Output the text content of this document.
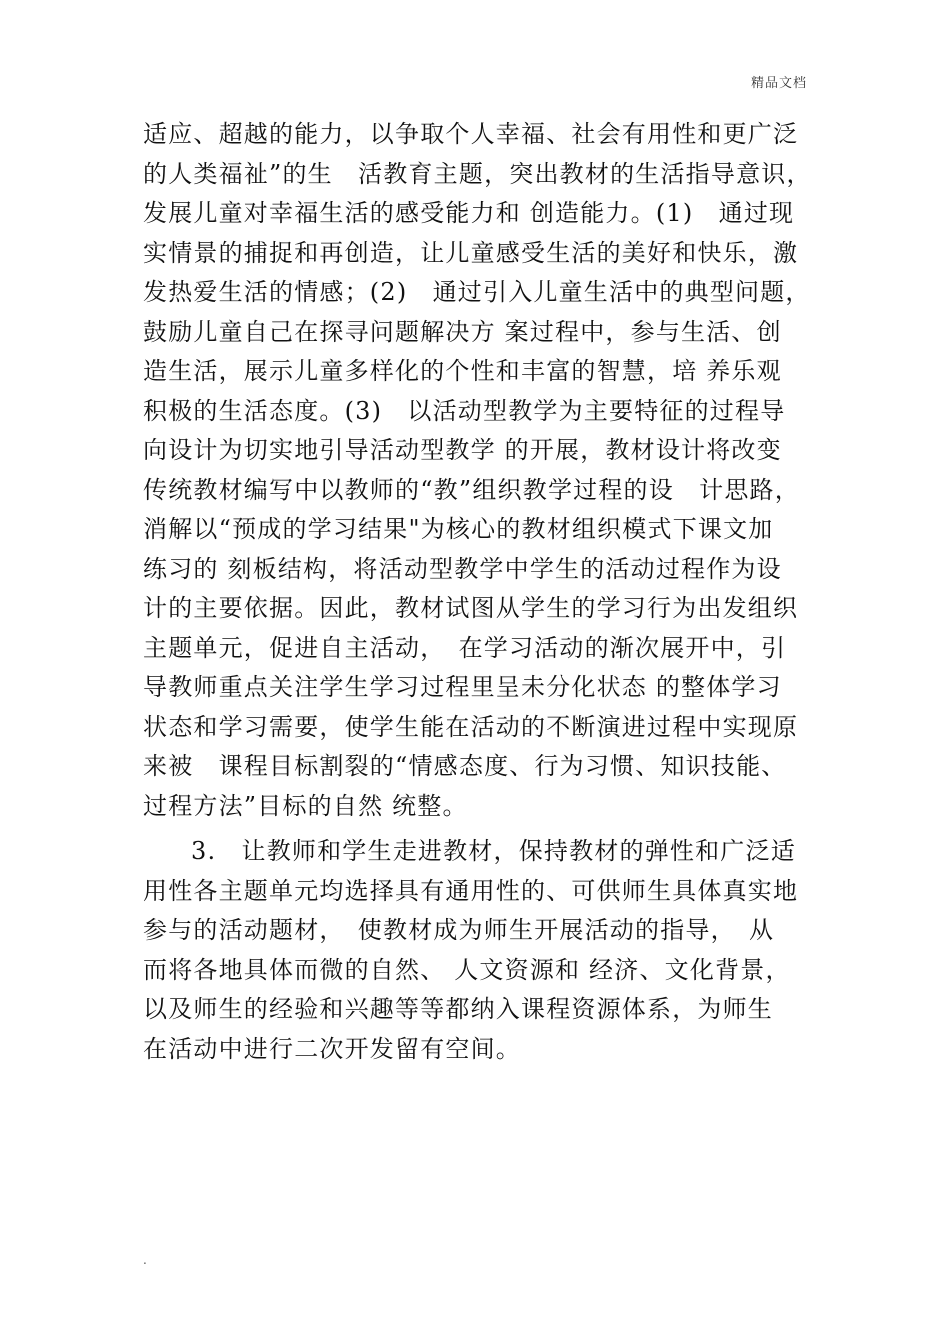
精品文档
适应、超越的能力，以争取个人幸福、社会有用性和更广泛
的人类福祉”的生　活教育主题，突出教材的生活指导意识，
发展儿童对幸福生活的感受能力和 创造能力。(1)　通过现
实情景的捕捉和再创造，让儿童感受生活的美好和快乐，激
发热爱生活的情感；(2)　通过引入儿童生活中的典型问题，
鼓励儿童自己在探寻问题解决方 案过程中，参与生活、创
造生活，展示儿童多样化的个性和丰富的智慧，培 养乐观
积极的生活态度。(3)　以活动型教学为主要特征的过程导
向设计为切实地引导活动型教学 的开展，教材设计将改变
传统教材编写中以教师的“教”组织教学过程的设　计思路，
消解以“预成的学习结果"为核心的教材组织模式下课文加
练习的 刻板结构，将活动型教学中学生的活动过程作为设
计的主要依据。因此，教材试图从学生的学习行为出发组织
主题单元，促进自主活动，　在学习活动的渐次展开中，引
导教师重点关注学生学习过程里呈未分化状态 的整体学习
状态和学习需要，使学生能在活动的不断演进过程中实现原
来被　课程目标割裂的“情感态度、行为习惯、知识技能、
过程方法”目标的自然 统整。
3.　让教师和学生走进教材，保持教材的弹性和广泛适
用性各主题单元均选择具有通用性的、可供师生具体真实地
参与的活动题材，　使教材成为师生开展活动的指导，　从
而将各地具体而微的自然、 人文资源和 经济、文化背景，
以及师生的经验和兴趣等等都纳入课程资源体系，为师生
在活动中进行二次开发留有空间。
.
